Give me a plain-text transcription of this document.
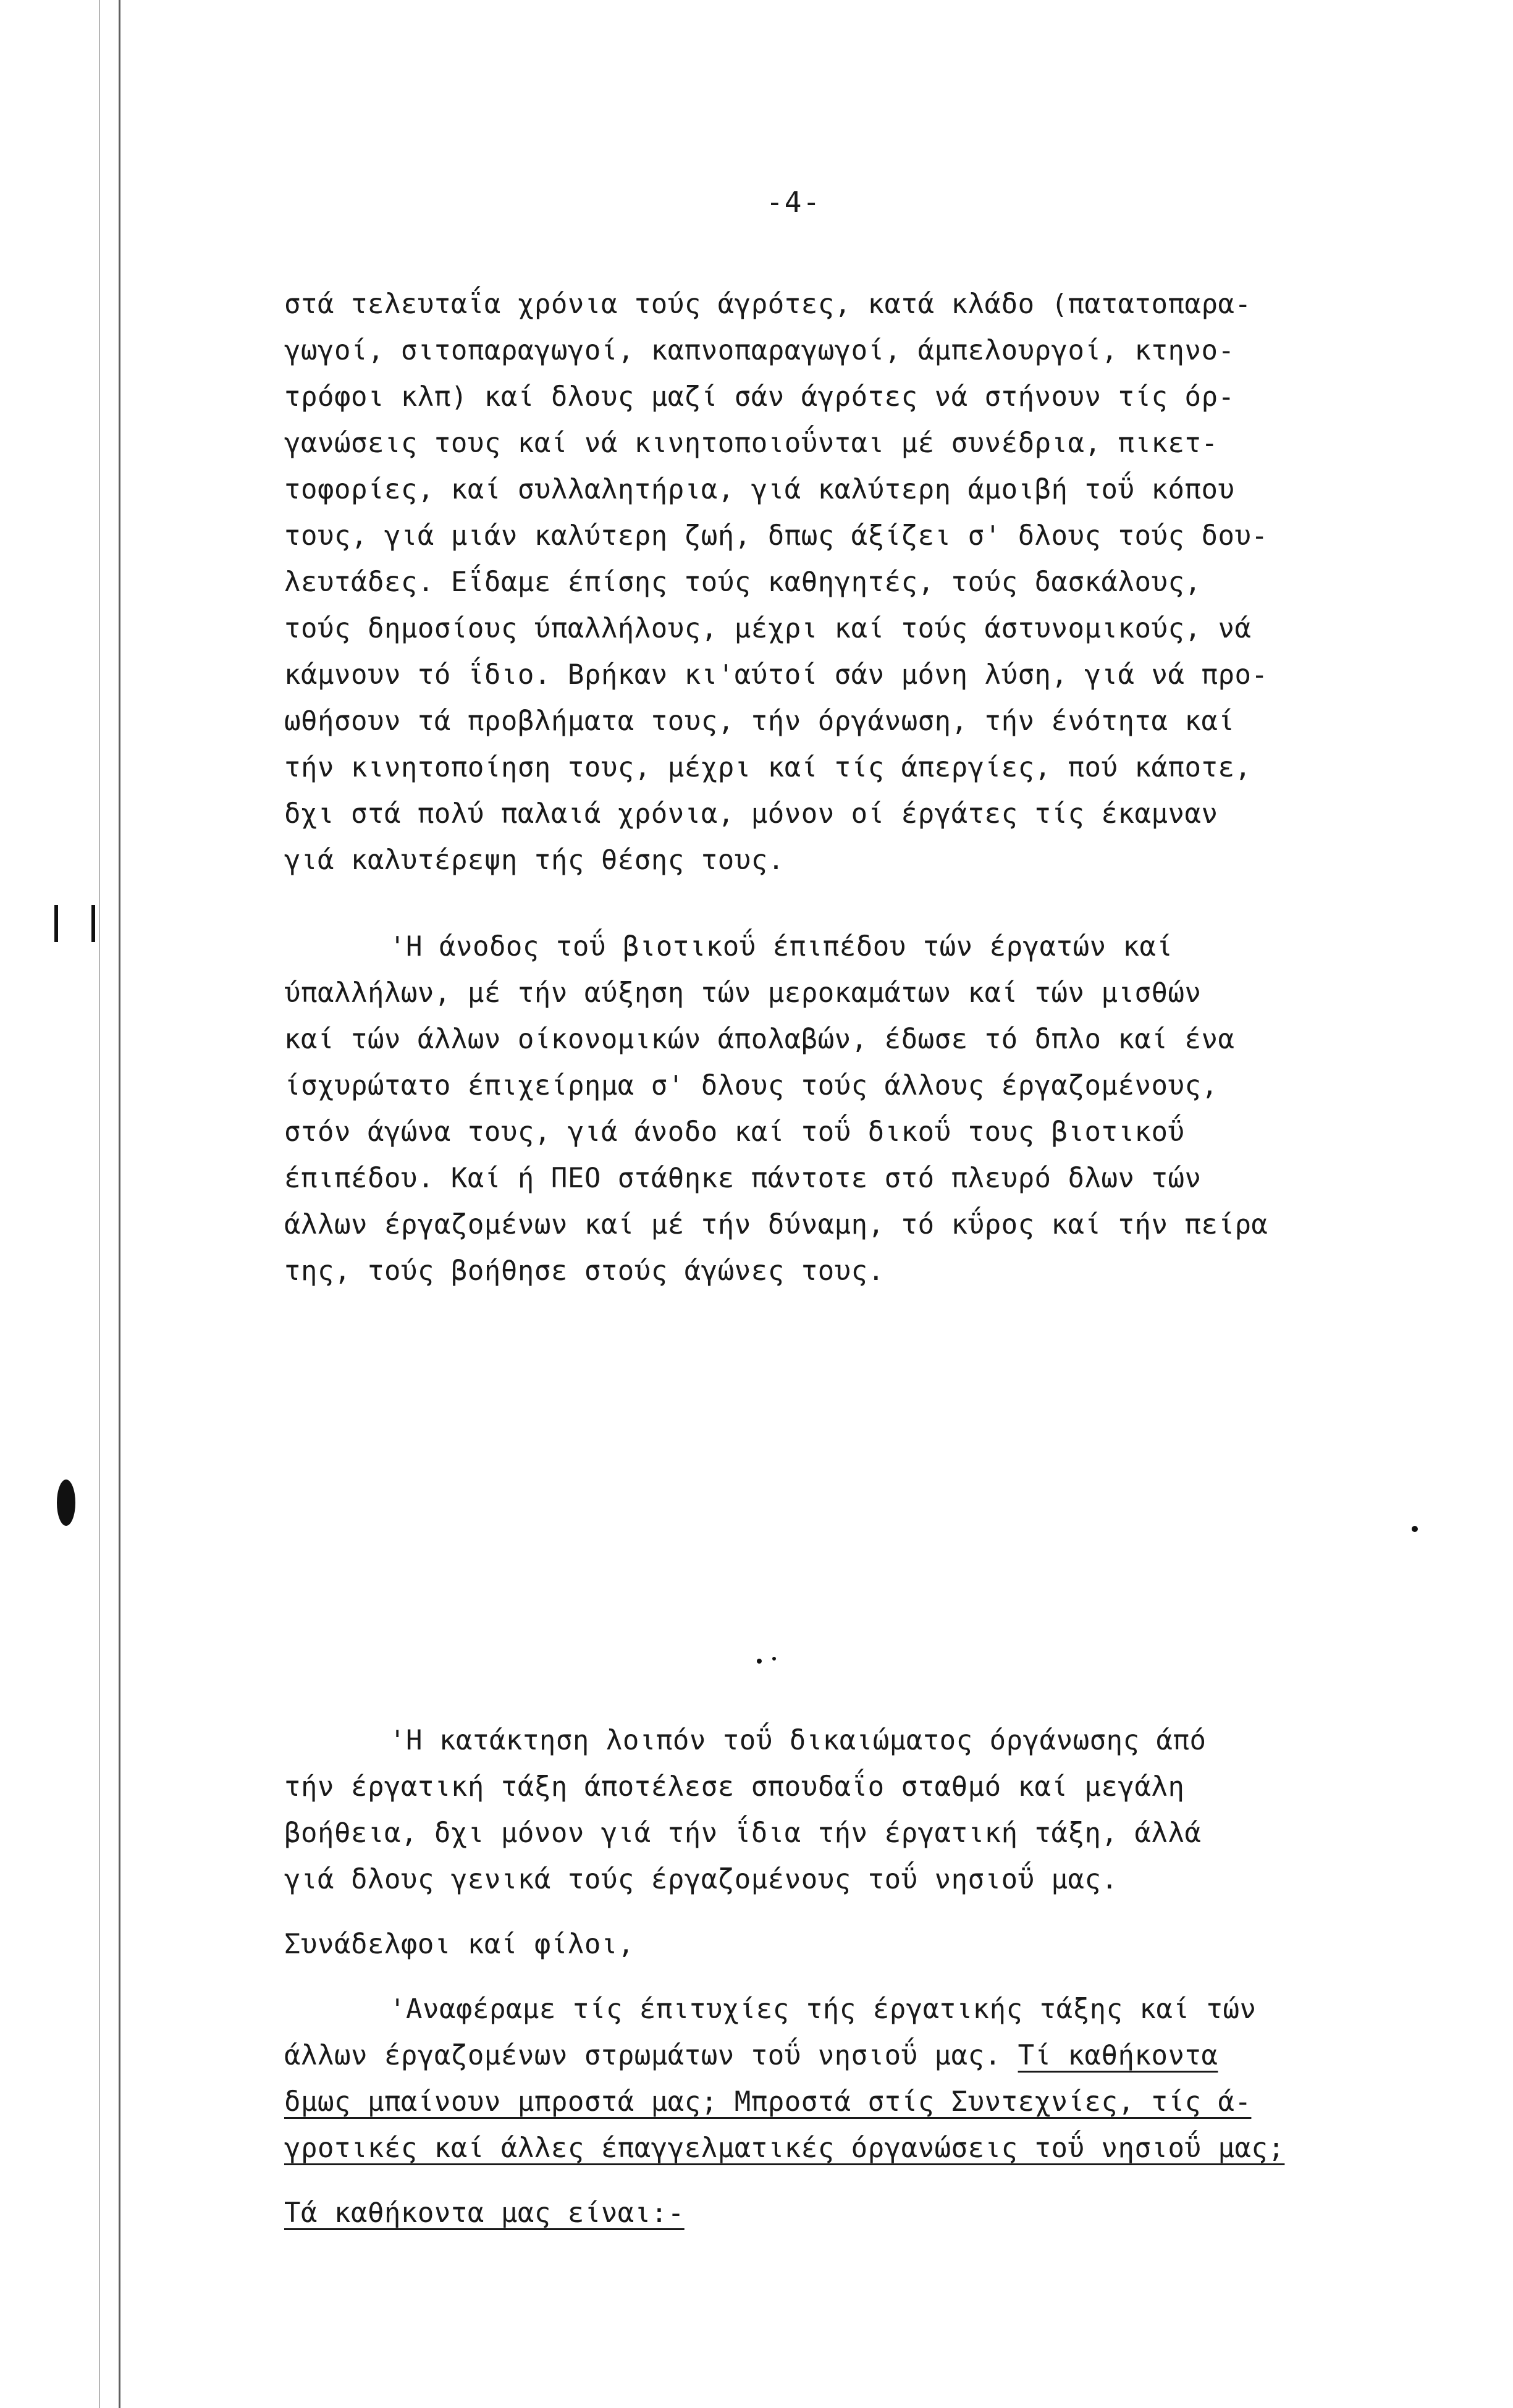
-4-
στά τελευταΐα χρόνια τούς άγρότες, κατά κλάδο (πατατοπαρα-
γωγοί, σιτοπαραγωγοί, καπνοπαραγωγοί, άμπελουργοί, κτηνο-
τρόφοι κλπ) καί δλους μαζί σάν άγρότες νά στήνουν τίς όρ-
γανώσεις τους καί νά κινητοποιοΰνται μέ συνέδρια, πικετ-
τοφορίες, καί συλλαλητήρια, γιά καλύτερη άμοιβή τοΰ κόπου
τους, γιά μιάν καλύτερη ζωή, δπως άξίζει σ' δλους τούς δου-
λευτάδες. Εΐδαμε έπίσης τούς καθηγητές, τούς δασκάλους,
τούς δημοσίους ύπαλλήλους, μέχρι καί τούς άστυνομικούς, νά
κάμνουν τό ΐδιο. Βρήκαν κι'αύτοί σάν μόνη λύση, γιά νά προ-
ωθήσουν τά προβλήματα τους, τήν όργάνωση, τήν ένότητα καί
τήν κινητοποίηση τους, μέχρι καί τίς άπεργίες, πού κάποτε,
δχι στά πολύ παλαιά χρόνια, μόνον οί έργάτες τίς έκαμναν
γιά καλυτέρεψη τής θέσης τους.
'Η άνοδος τοΰ βιοτικοΰ έπιπέδου τών έργατών καί
ύπαλλήλων, μέ τήν αύξηση τών μεροκαμάτων καί τών μισθών
καί τών άλλων οίκονομικών άπολαβών, έδωσε τό δπλο καί ένα
ίσχυρώτατο έπιχείρημα σ' δλους τούς άλλους έργαζομένους,
στόν άγώνα τους, γιά άνοδο καί τοΰ δικοΰ τους βιοτικοΰ
έπιπέδου. Καί ή ΠΕΟ στάθηκε πάντοτε στό πλευρό δλων τών
άλλων έργαζομένων καί μέ τήν δύναμη, τό κΰρος καί τήν πείρα
της, τούς βοήθησε στούς άγώνες τους.
'Η κατάκτηση λοιπόν τοΰ δικαιώματος όργάνωσης άπό
τήν έργατική τάξη άποτέλεσε σπουδαΐο σταθμό καί μεγάλη
βοήθεια, δχι μόνον γιά τήν ΐδια τήν έργατική τάξη, άλλά
γιά δλους γενικά τούς έργαζομένους τοΰ νησιοΰ μας.
Συνάδελφοι καί φίλοι,
'Αναφέραμε τίς έπιτυχίες τής έργατικής τάξης καί τών
άλλων έργαζομένων στρωμάτων τοΰ νησιοΰ μας. Τί καθήκοντα
δμως μπαίνουν μπροστά μας; Μπροστά στίς Συντεχνίες, τίς ά-
γροτικές καί άλλες έπαγγελματικές όργανώσεις τοΰ νησιοΰ μας;
Τά καθήκοντα μας είναι:-
